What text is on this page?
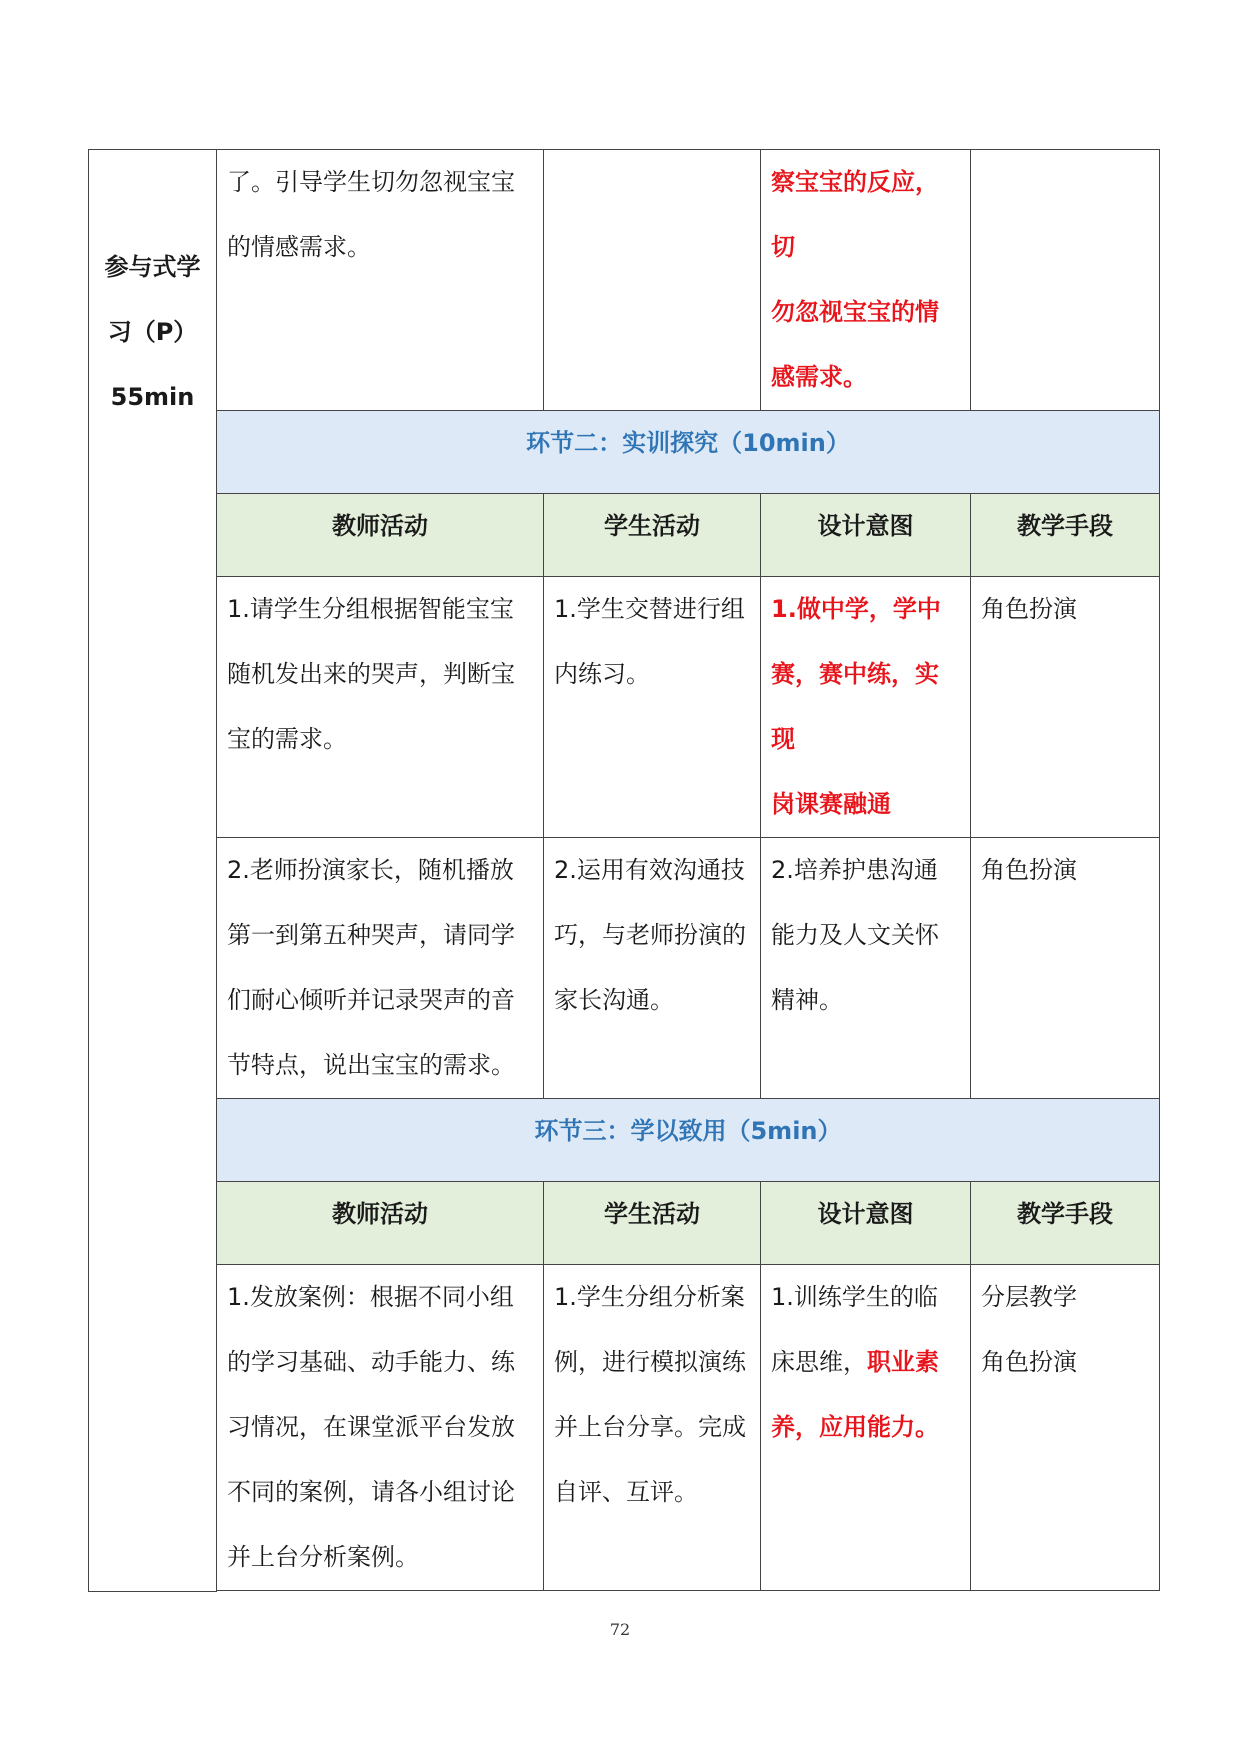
参与式学
习（P）
55min	了。引导学生切勿忽视宝宝
的情感需求。		察宝宝的反应，切
勿忽视宝宝的情
感需求。	

	环节二：实训探究（10min）			
	教师活动	学生活动	设计意图	教学手段

	1.请学生分组根据智能宝宝
随机发出来的哭声，判断宝
宝的需求。	1.学生交替进行组
内练习。	1.做中学，学中
赛，赛中练，实现
岗课赛融通	角色扮演

	2.老师扮演家长，随机播放
第一到第五种哭声，请同学
们耐心倾听并记录哭声的音
节特点，说出宝宝的需求。	2.运用有效沟通技
巧，与老师扮演的
家长沟通。	2.培养护患沟通
能力及人文关怀
精神。	角色扮演

	环节三：学以致用（5min）			
	教师活动	学生活动	设计意图	教学手段

	1.发放案例：根据不同小组
的学习基础、动手能力、练
习情况，在课堂派平台发放
不同的案例，请各小组讨论
并上台分析案例。	1.学生分组分析案
例，进行模拟演练
并上台分享。完成
自评、互评。	1.训练学生的临
床思维，职业素
养，应用能力。	分层教学
角色扮演

72
